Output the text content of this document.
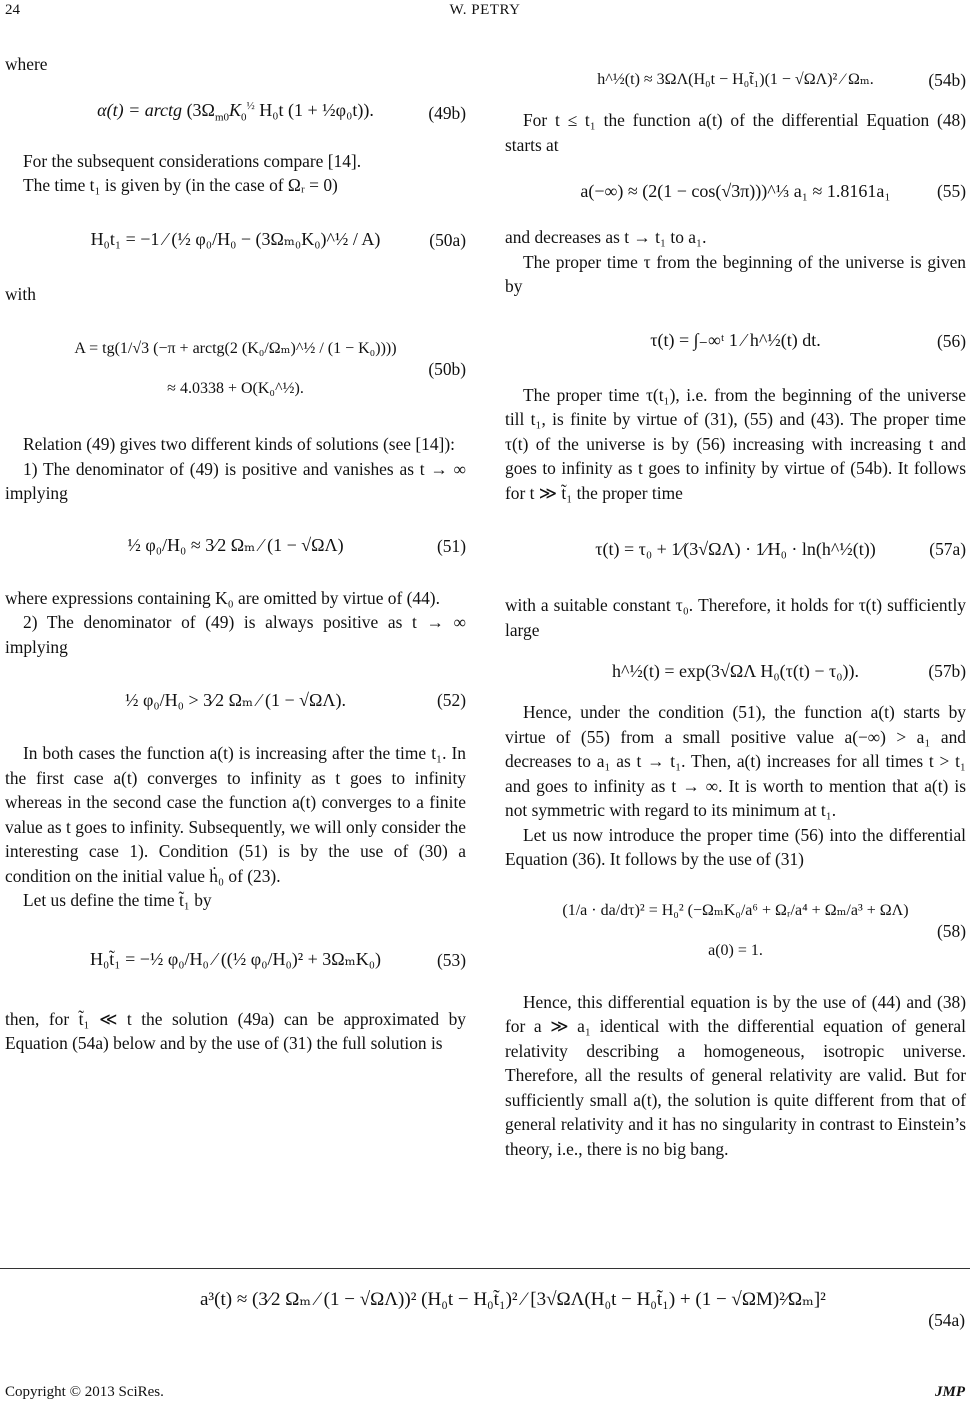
24	W. PETRY

where

α(t) = arctg ($3\Omega_{m0}K_0^{\frac{1}{2}}$ H₀t (1 + ½φ₀t)).	(49b)

For the subsequent considerations compare [14].

The time t₁ is given by (in the case of Ωᵣ = 0)

H₀t₁ = −1 ⁄ (½ φ₀/H₀ − (3Ωₘ₀K₀)^½ / A)	(50a)

with

A = tg(1/√3 (−π + arctg(2 (K₀/Ωₘ)^½ / (1 − K₀))))
≈ 4.0338 + O(K₀^½).
(50b)

Relation (49) gives two different kinds of solutions (see [14]):

1) The denominator of (49) is positive and vanishes as t → ∞ implying

½ φ₀/H₀ ≈ 3⁄2 Ωₘ ⁄ (1 − √ΩΛ)	(51)

where expressions containing K₀ are omitted by virtue of (44).

2) The denominator of (49) is always positive as t → ∞ implying

½ φ₀/H₀ > 3⁄2 Ωₘ ⁄ (1 − √ΩΛ).	(52)

In both cases the function a(t) is increasing after the time t₁. In the first case a(t) converges to infinity as t goes to infinity whereas in the second case the function a(t) converges to a finite value as t goes to infinity. Subsequently, we will only consider the interesting case 1). Condition (51) is by the use of (30) a condition on the initial value ḣ₀ of (23).

Let us define the time t̃₁ by

H₀t̃₁ = −½ φ₀/H₀ ⁄ ((½ φ₀/H₀)² + 3ΩₘK₀)	(53)

then, for t̃₁ ≪ t the solution (49a) can be approximated by Equation (54a) below and by the use of (31) the full solution is

h^½(t) ≈ 3ΩΛ(H₀t − H₀t̃₁)(1 − √ΩΛ)² ⁄ Ωₘ.	(54b)

For t ≤ t₁ the function a(t) of the differential Equation (48) starts at

a(−∞) ≈ (2(1 − cos(√3π)))^⅓ a₁ ≈ 1.8161a₁	(55)

and decreases as t → t₁ to a₁.

The proper time τ from the beginning of the universe is given by

τ(t) = ∫₋∞ᵗ 1 ⁄ h^½(t) dt.	(56)

The proper time τ(t₁), i.e. from the beginning of the universe till t₁, is finite by virtue of (31), (55) and (43). The proper time τ(t) of the universe is by (56) increasing with increasing t and goes to infinity as t goes to infinity by virtue of (54b). It follows for t ≫ t̃₁ the proper time

τ(t) = τ₀ + 1⁄(3√ΩΛ) · 1⁄H₀ · ln(h^½(t))	(57a)

with a suitable constant τ₀. Therefore, it holds for τ(t) sufficiently large

h^½(t) = exp(3√ΩΛ H₀(τ(t) − τ₀)).	(57b)

Hence, under the condition (51), the function a(t) starts by virtue of (55) from a small positive value a(−∞) > a₁ and decreases to a₁ as t → t₁. Then, a(t) increases for all times t > t₁ and goes to infinity as t → ∞. It is worth to mention that a(t) is not symmetric with regard to its minimum at t₁.

Let us now introduce the proper time (56) into the differential Equation (36). It follows by the use of (31)

(1/a · da/dτ)² = H₀² (−ΩₘK₀/a⁶ + Ωᵣ/a⁴ + Ωₘ/a³ + ΩΛ)
a(0) = 1.
(58)

Hence, this differential equation is by the use of (44) and (38) for a ≫ a₁ identical with the differential equation of general relativity describing a homogeneous, isotropic universe. Therefore, all the results of general relativity are valid. But for sufficiently small a(t), the solution is quite different from that of general relativity and it has no singularity in contrast to Einstein’s theory, i.e., there is no big bang.

a³(t) ≈ (3⁄2 Ωₘ ⁄ (1 − √ΩΛ))² (H₀t − H₀t̃₁)² ⁄ [3√ΩΛ(H₀t − H₀t̃₁) + (1 − √ΩM)²⁄Ωₘ]²
(54a)
Copyright © 2013 SciRes.	JMP
